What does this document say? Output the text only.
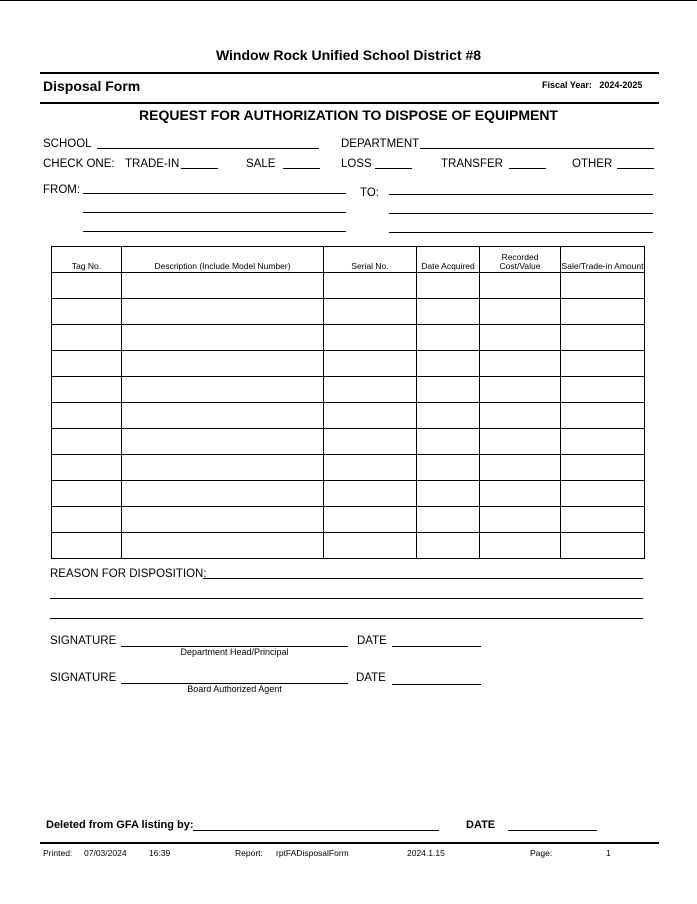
Window Rock Unified School District #8
Disposal Form	Fiscal Year: 2024-2025
REQUEST FOR AUTHORIZATION TO DISPOSE OF EQUIPMENT
SCHOOL	DEPARTMENT
CHECK ONE: TRADE-IN	SALE	LOSS	TRANSFER	OTHER
FROM:	TO:
Tag No.	Description (Include Model Number)	Serial No.	Date Acquired	Recorded Cost/Value	Sale/Trade-in Amount

REASON FOR DISPOSITION:
SIGNATURE
Department Head/Principal
DATE
SIGNATURE
Board Authorized Agent
DATE
Deleted from GFA listing by:	DATE
Printed: 07/03/2024	16:39	Report: rptFADisposalForm	2024.1.15	Page:	1
